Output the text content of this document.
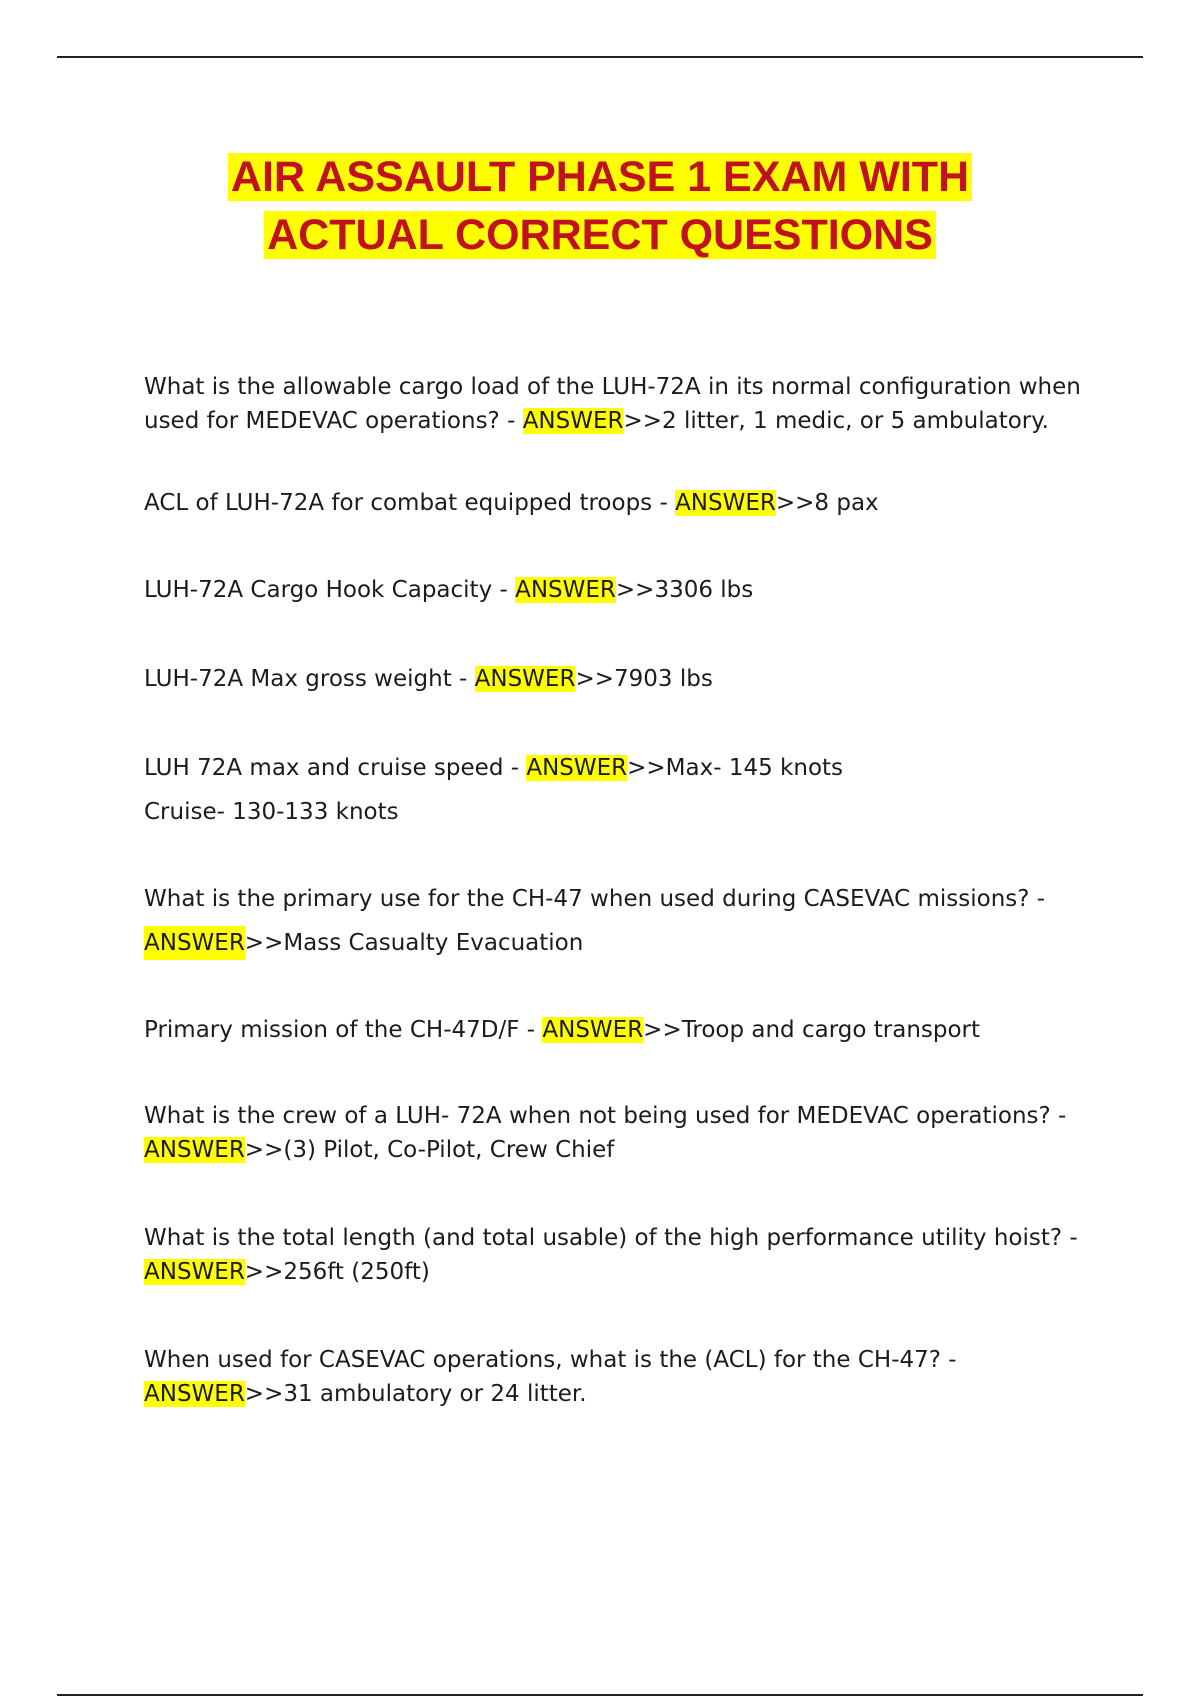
AIR ASSAULT PHASE 1 EXAM WITH
ACTUAL CORRECT QUESTIONS

What is the allowable cargo load of the LUH-72A in its normal configuration when used for MEDEVAC operations? - ANSWER>>2 litter, 1 medic, or 5 ambulatory.

ACL of LUH-72A for combat equipped troops - ANSWER>>8 pax

LUH-72A Cargo Hook Capacity - ANSWER>>3306 lbs

LUH-72A Max gross weight - ANSWER>>7903 lbs

LUH 72A max and cruise speed - ANSWER>>Max- 145 knots
Cruise- 130-133 knots

What is the primary use for the CH-47 when used during CASEVAC missions? - ANSWER>>Mass Casualty Evacuation

Primary mission of the CH-47D/F - ANSWER>>Troop and cargo transport

What is the crew of a LUH- 72A when not being used for MEDEVAC operations? - ANSWER>>(3) Pilot, Co-Pilot, Crew Chief

What is the total length (and total usable) of the high performance utility hoist? - ANSWER>>256ft (250ft)

When used for CASEVAC operations, what is the (ACL) for the CH-47? - ANSWER>>31 ambulatory or 24 litter.
